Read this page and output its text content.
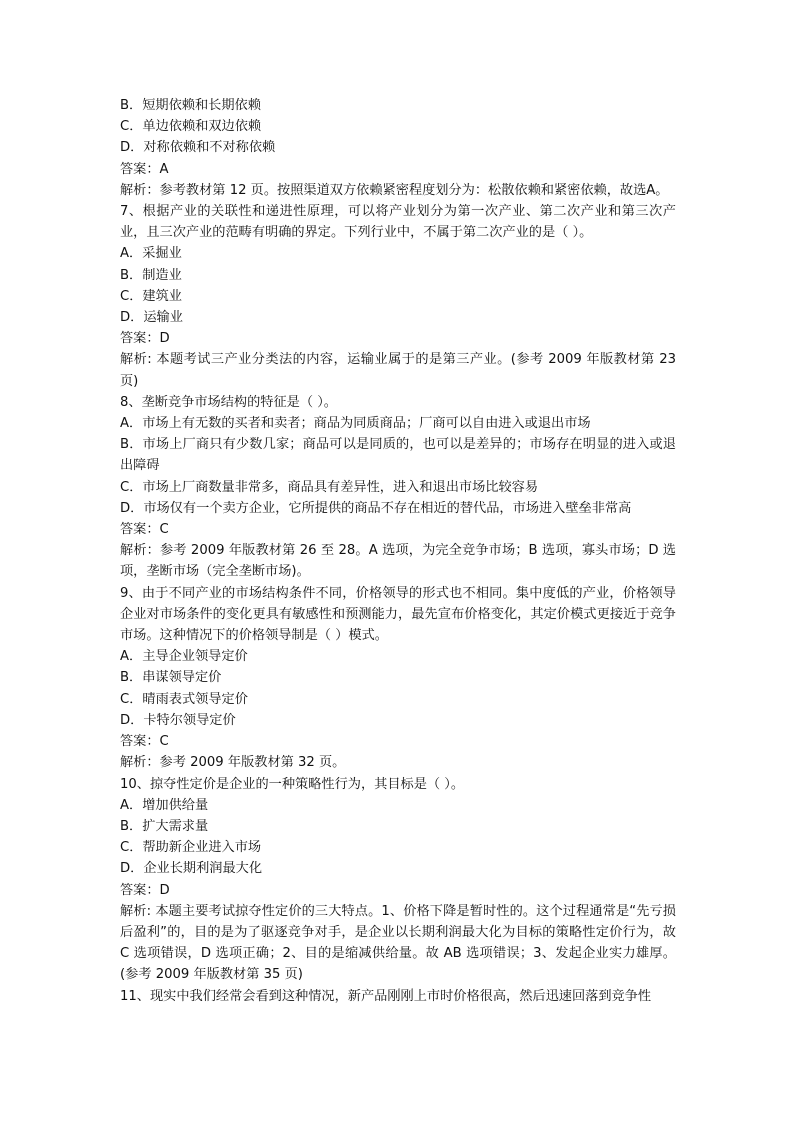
B．短期依赖和长期依赖
C．单边依赖和双边依赖
D．对称依赖和不对称依赖
答案：A
解析：参考教材第 12 页。按照渠道双方依赖紧密程度划分为：松散依赖和紧密依赖，故选A。
7、根据产业的关联性和递进性原理，可以将产业划分为第一次产业、第二次产业和第三次产业，且三次产业的范畴有明确的界定。下列行业中，不属于第二次产业的是（ ）。
A．采掘业
B．制造业
C．建筑业
D．运输业
答案：D
解析: 本题考试三产业分类法的内容，运输业属于的是第三产业。(参考 2009 年版教材第 23页)
8、垄断竞争市场结构的特征是（ ）。
A．市场上有无数的买者和卖者；商品为同质商品；厂商可以自由进入或退出市场
B．市场上厂商只有少数几家；商品可以是同质的，也可以是差异的；市场存在明显的进入或退出障碍
C．市场上厂商数量非常多，商品具有差异性，进入和退出市场比较容易
D．市场仅有一个卖方企业，它所提供的商品不存在相近的替代品，市场进入壁垒非常高
答案：C
解析：参考 2009 年版教材第 26 至 28。A 选项，为完全竞争市场；B 选项，寡头市场；D 选项，垄断市场（完全垄断市场)。
9、由于不同产业的市场结构条件不同，价格领导的形式也不相同。集中度低的产业，价格领导企业对市场条件的变化更具有敏感性和预测能力，最先宣布价格变化，其定价模式更接近于竞争市场。这种情况下的价格领导制是（ ）模式。
A．主导企业领导定价
B．串谋领导定价
C．晴雨表式领导定价
D．卡特尔领导定价
答案：C
解析：参考 2009 年版教材第 32 页。
10、掠夺性定价是企业的一种策略性行为，其目标是（ ）。
A．增加供给量
B．扩大需求量
C．帮助新企业进入市场
D．企业长期利润最大化
答案：D
解析: 本题主要考试掠夺性定价的三大特点。1、价格下降是暂时性的。这个过程通常是“先亏损后盈利”的，目的是为了驱逐竞争对手，是企业以长期利润最大化为目标的策略性定价行为，故 C 选项错误，D 选项正确；2、目的是缩减供给量。故 AB 选项错误；3、发起企业实力雄厚。(参考 2009 年版教材第 35 页)
11、现实中我们经常会看到这种情况，新产品刚刚上市时价格很高，然后迅速回落到竞争性
